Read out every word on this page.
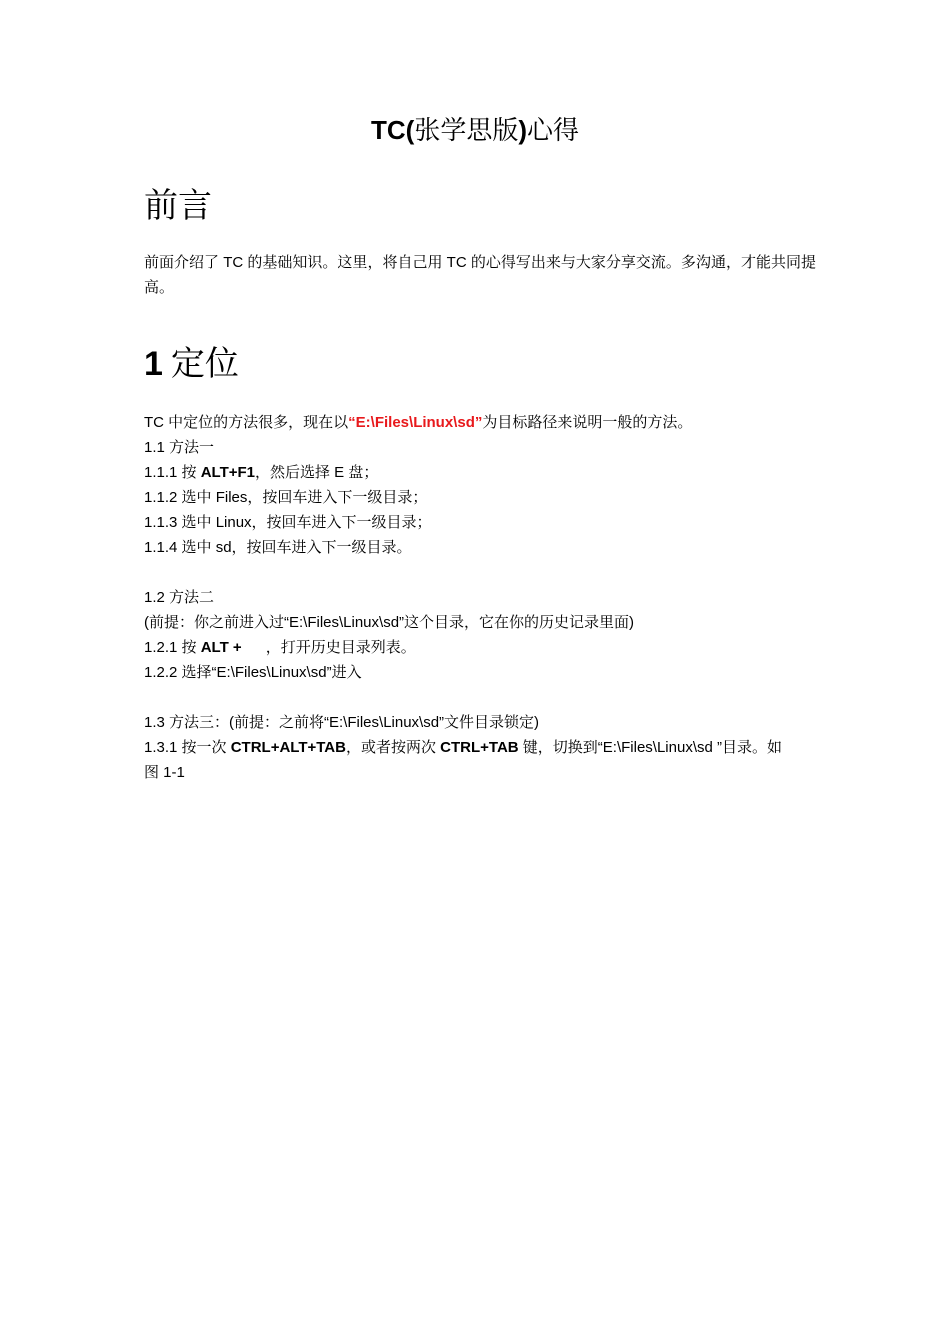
TC(张学思版)心得
前言
前面介绍了 TC 的基础知识。这里，将自己用 TC 的心得写出来与大家分享交流。多沟通，才能共同提高。
1 定位
TC 中定位的方法很多，现在以“E:\Files\Linux\sd”为目标路径来说明一般的方法。
1.1 方法一
1.1.1 按 ALT+F1，然后选择 E 盘；
1.1.2 选中 Files，按回车进入下一级目录；
1.1.3 选中 Linux，按回车进入下一级目录；
1.1.4 选中 sd，按回车进入下一级目录。
1.2 方法二
(前提：你之前进入过“E:\Files\Linux\sd”这个目录，它在你的历史记录里面)
1.2.1 按 ALT + ，打开历史目录列表。
1.2.2 选择“E:\Files\Linux\sd”进入
1.3 方法三：(前提：之前将“E:\Files\Linux\sd”文件目录锁定)
1.3.1 按一次 CTRL+ALT+TAB，或者按两次 CTRL+TAB 键，切换到“E:\Files\Linux\sd ”目录。如
图 1-1
